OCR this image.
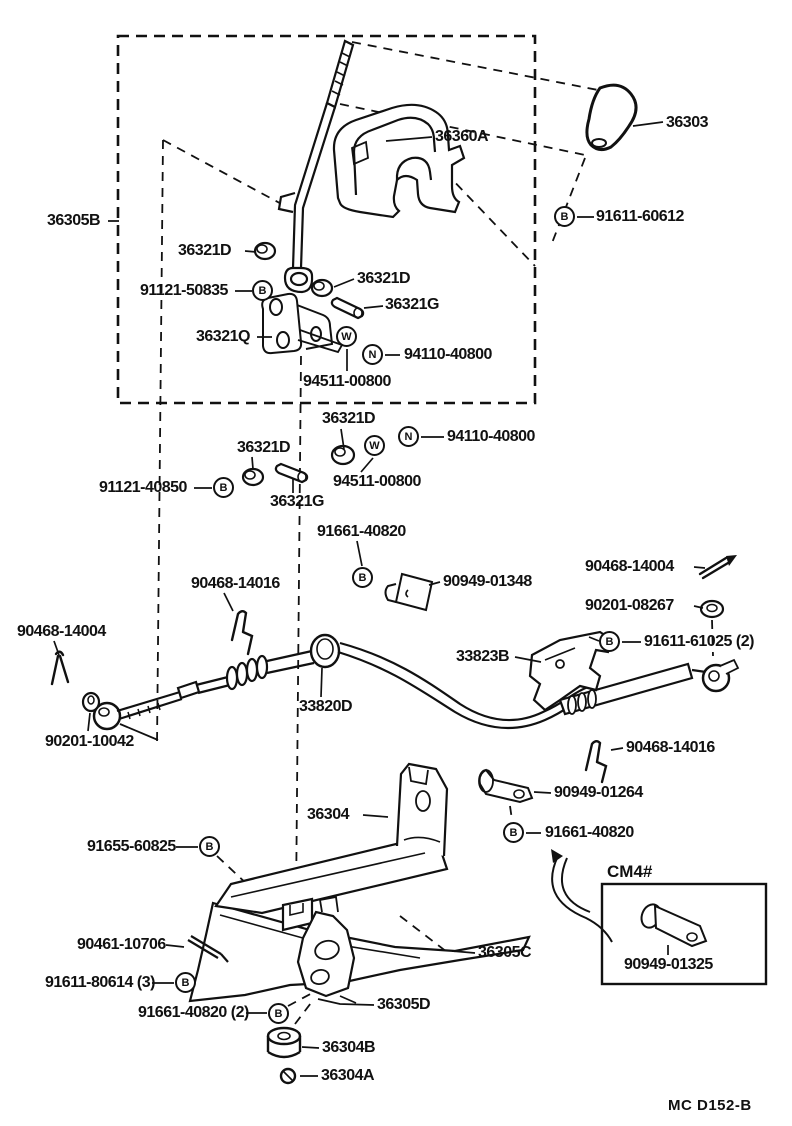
36360A
36303
36305B	91611-60612
36321D
36321D
91121-50835
36321G
36321Q
94110-40800
94511-00800
36321D
94110-40800
36321D
91121-40850
36321G
94511-00800
91661-40820
90949-01348
90468-14016
90468-14004
90201-10042
33820D
90468-14004
90201-08267
91611-61025 (2)
33823B
90468-14016
90949-01264
91661-40820
36304
91655-60825
90461-10706
91611-80614 (3)
91661-40820 (2)	36305D
36304B
36304A
36305C
90949-01325
B
B
B
B
B
B
B
B
B
W
W
N
N
CM4#
MC D152-B
